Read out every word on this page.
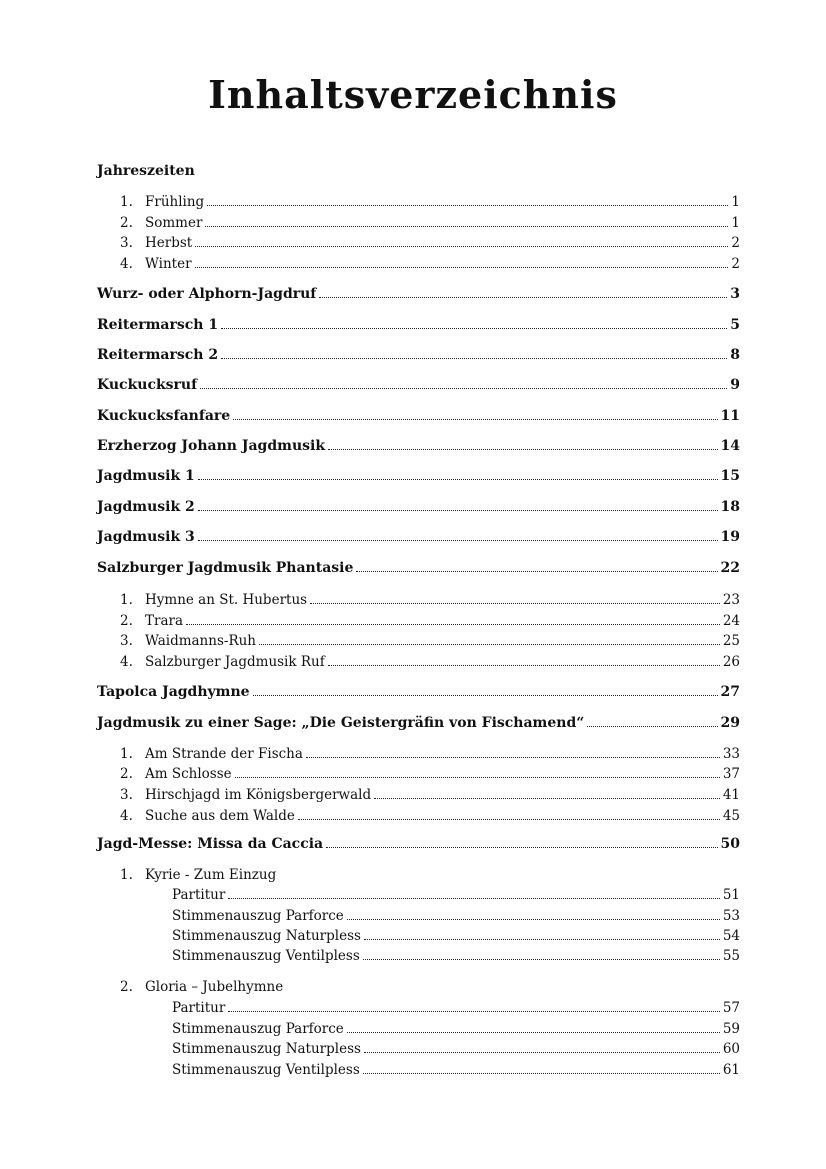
Inhaltsverzeichnis
Jahreszeiten
1. Frühling	1
2. Sommer	1
3. Herbst	2
4. Winter	2
Wurz- oder Alphorn-Jagdruf	3
Reitermarsch 1	5
Reitermarsch 2	8
Kuckucksruf	9
Kuckucksfanfare	11
Erzherzog Johann Jagdmusik	14
Jagdmusik 1	15
Jagdmusik 2	18
Jagdmusik 3	19
Salzburger Jagdmusik Phantasie	22
1. Hymne an St. Hubertus	23
2. Trara	24
3. Waidmanns-Ruh	25
4. Salzburger Jagdmusik Ruf	26
Tapolca Jagdhymne	27
Jagdmusik zu einer Sage: „Die Geistergräfin von Fischamend“	29
1. Am Strande der Fischa	33
2. Am Schlosse	37
3. Hirschjagd im Königsbergerwald	41
4. Suche aus dem Walde	45
Jagd-Messe: Missa da Caccia	50
1. Kyrie - Zum Einzug
Partitur	51
Stimmenauszug Parforce	53
Stimmenauszug Naturpless	54
Stimmenauszug Ventilpless	55
2. Gloria – Jubelhymne
Partitur	57
Stimmenauszug Parforce	59
Stimmenauszug Naturpless	60
Stimmenauszug Ventilpless	61
